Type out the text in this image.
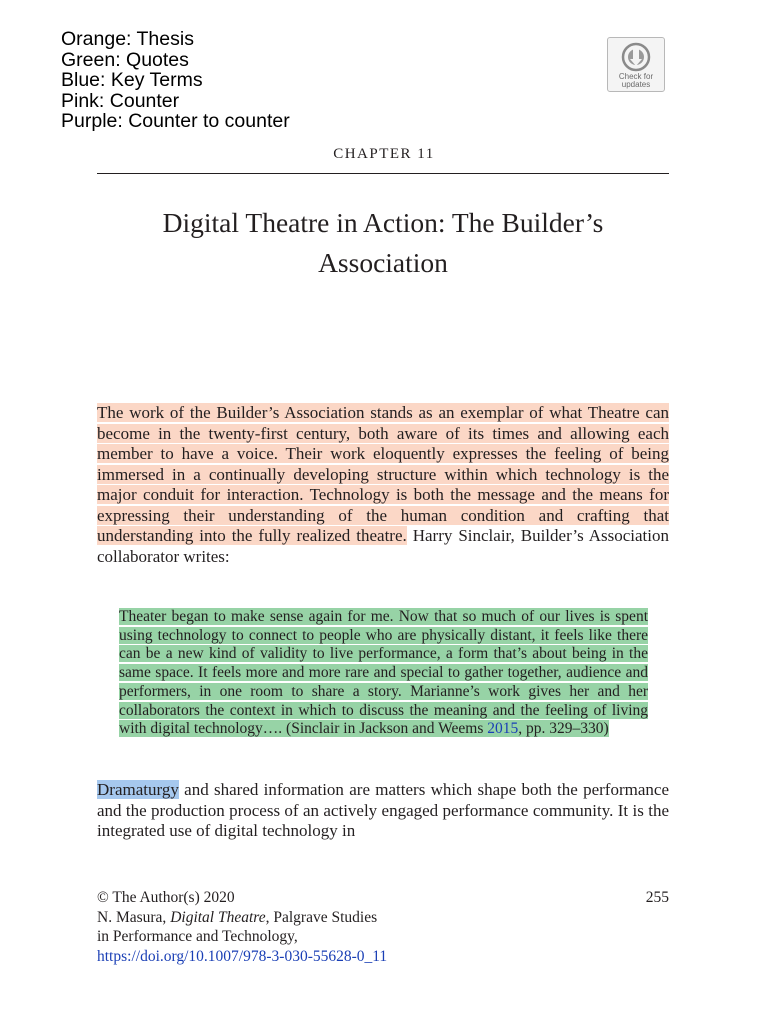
Orange: Thesis
Green: Quotes
Blue: Key Terms
Pink: Counter
Purple: Counter to counter
Check for
updates
CHAPTER 11
Digital Theatre in Action: The Builder’s
Association

The work of the Builder’s Association stands as an exemplar of what Theatre can become in the twenty-first century, both aware of its times and allowing each member to have a voice. Their work eloquently expresses the feeling of being immersed in a continually developing structure within which technology is the major conduit for interaction. Technology is both the message and the means for expressing their understanding of the human condition and crafting that understanding into the fully realized theatre. Harry Sinclair, Builder’s Association collaborator writes:

Theater began to make sense again for me. Now that so much of our lives is spent using technology to connect to people who are physically distant, it feels like there can be a new kind of validity to live performance, a form that’s about being in the same space. It feels more and more rare and special to gather together, audience and performers, in one room to share a story. Marianne’s work gives her and her collaborators the context in which to discuss the meaning and the feeling of living with digital technology…. (Sinclair in Jackson and Weems 2015, pp. 329–330)

Dramaturgy and shared information are matters which shape both the performance and the production process of an actively engaged performance community. It is the integrated use of digital technology in

© The Author(s) 2020
N. Masura, Digital Theatre, Palgrave Studies
in Performance and Technology,
https://doi.org/10.1007/978-3-030-55628-0_11
255
